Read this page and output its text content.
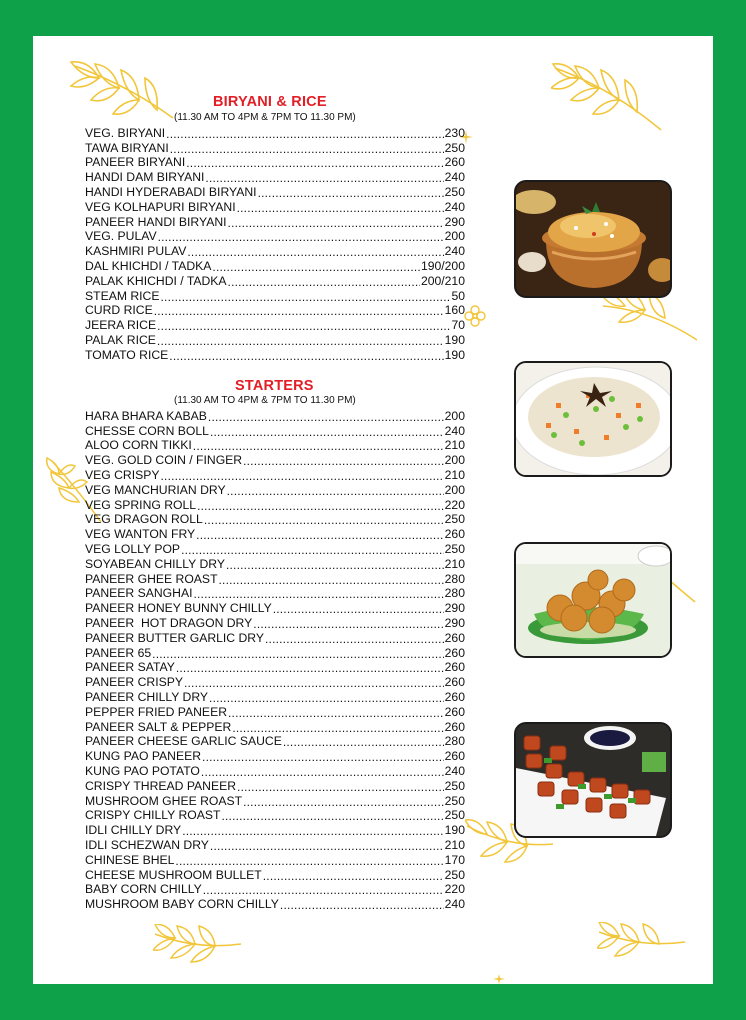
BIRYANI & RICE
(11.30 AM TO 4PM & 7PM TO 11.30 PM)
VEG. BIRYANI .....	230
TAWA BIRYANI .....	250
PANEER BIRYANI .....	260
HANDI DAM BIRYANI .....	240
HANDI HYDERABADI BIRYANI .....	250
VEG KOLHAPURI BIRYANI .....	240
PANEER HANDI BIRYANI .....	290
VEG. PULAV .....	200
KASHMIRI PULAV .....	240
DAL KHICHDI / TADKA .....	190/200
PALAK KHICHDI / TADKA .....	200/210
STEAM RICE .....	50
CURD RICE .....	160
JEERA RICE .....	70
PALAK RICE .....	190
TOMATO RICE .....	190
STARTERS
(11.30 AM TO 4PM & 7PM TO 11.30 PM)
HARA BHARA KABAB .....	200
CHESSE CORN BOLL .....	240
ALOO CORN TIKKI .....	210
VEG. GOLD COIN / FINGER .....	200
VEG CRISPY .....	210
VEG MANCHURIAN DRY .....	200
VEG SPRING ROLL .....	220
VEG DRAGON ROLL .....	250
VEG WANTON FRY .....	260
VEG LOLLY POP .....	250
SOYABEAN CHILLY DRY .....	210
PANEER GHEE ROAST .....	280
PANEER SANGHAI .....	280
PANEER HONEY BUNNY CHILLY .....	290
PANEER  HOT DRAGON DRY .....	290
PANEER BUTTER GARLIC DRY .....	260
PANEER 65 .....	260
PANEER SATAY .....	260
PANEER CRISPY .....	260
PANEER CHILLY DRY .....	260
PEPPER FRIED PANEER .....	260
PANEER SALT & PEPPER .....	260
PANEER CHEESE GARLIC SAUCE .....	280
KUNG PAO PANEER .....	260
KUNG PAO POTATO .....	240
CRISPY THREAD PANEER .....	250
MUSHROOM GHEE ROAST .....	250
CRISPY CHILLY ROAST .....	250
IDLI CHILLY DRY .....	190
IDLI SCHEZWAN DRY .....	210
CHINESE BHEL .....	170
CHEESE MUSHROOM BULLET .....	250
BABY CORN CHILLY .....	220
MUSHROOM BABY CORN CHILLY .....	240
